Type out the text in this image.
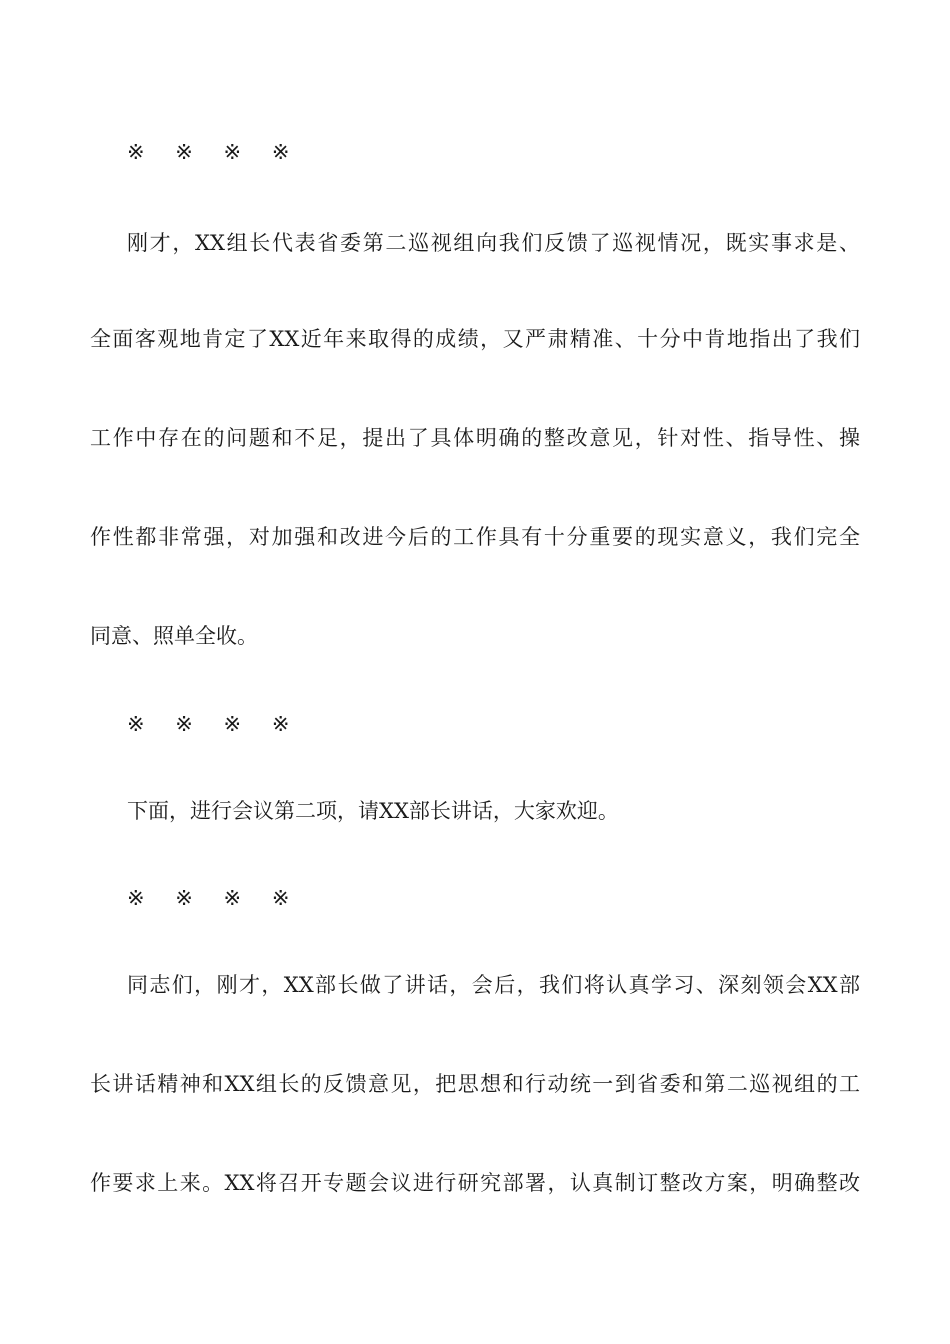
※ ※ ※ ※
刚才，XX组长代表省委第二巡视组向我们反馈了巡视情况，既实事求是、
全面客观地肯定了XX近年来取得的成绩，又严肃精准、十分中肯地指出了我们
工作中存在的问题和不足，提出了具体明确的整改意见，针对性、指导性、操
作性都非常强，对加强和改进今后的工作具有十分重要的现实意义，我们完全
同意、照单全收。
※ ※ ※ ※
下面，进行会议第二项，请XX部长讲话，大家欢迎。
※ ※ ※ ※
同志们，刚才，XX部长做了讲话，会后，我们将认真学习、深刻领会XX部
长讲话精神和XX组长的反馈意见，把思想和行动统一到省委和第二巡视组的工
作要求上来。XX将召开专题会议进行研究部署，认真制订整改方案，明确整改
